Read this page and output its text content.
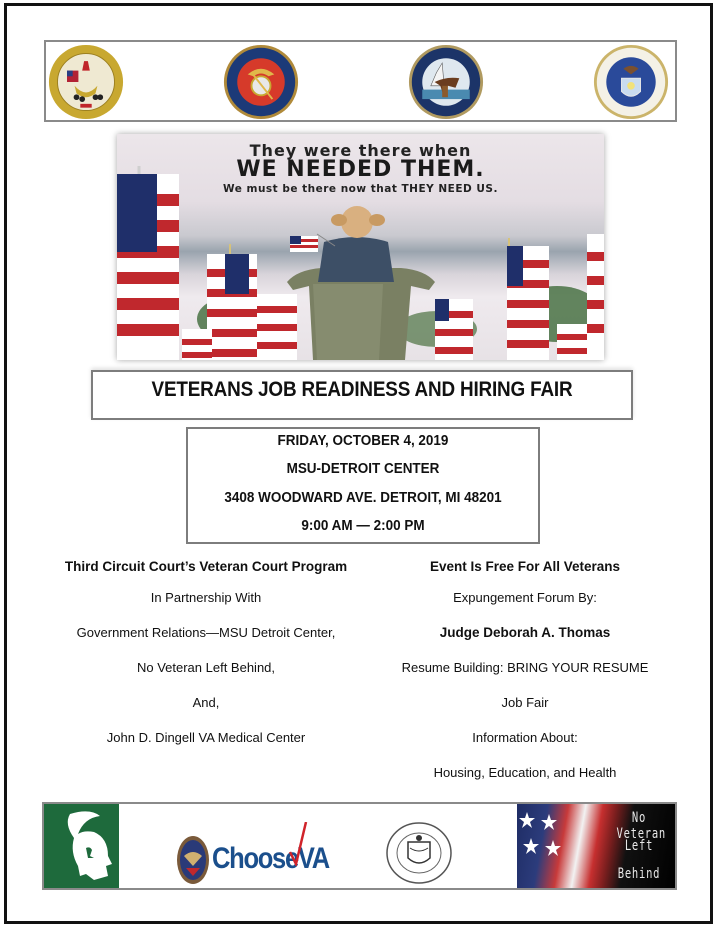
They were there when
WE NEEDED THEM.
We must be there now that THEY NEED US.
VETERANS JOB READINESS AND HIRING FAIR
FRIDAY, OCTOBER 4, 2019
MSU-DETROIT CENTER
3408 WOODWARD AVE. DETROIT, MI 48201
9:00 AM — 2:00 PM
Third Circuit Court’s Veteran Court Program
In Partnership With
Government Relations—MSU Detroit Center,
No Veteran Left Behind,
And,
John D. Dingell VA Medical Center
Event Is Free For All Veterans
Expungement Forum By:
Judge Deborah A. Thomas
Resume Building: BRING YOUR RESUME
Job Fair
Information About:
Housing, Education, and Health
ChooseVA
No Veteran
Left
Behind
